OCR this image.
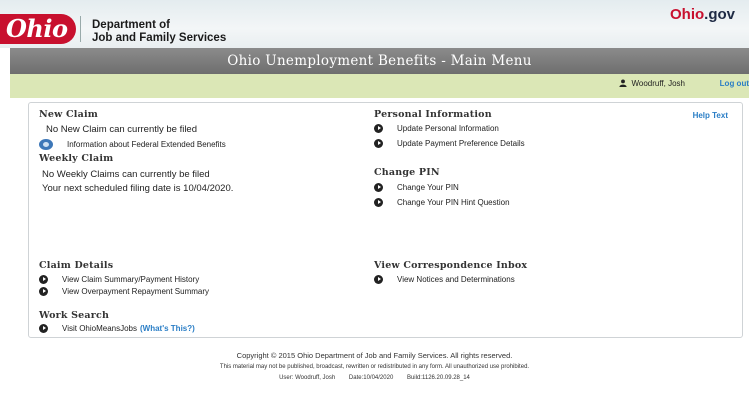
Ohio	Department of
Job and Family Services
Ohio.gov
Ohio Unemployment Benefits - Main Menu
Woodruff, Josh	Log out
Help Text
New Claim
No New Claim can currently be filed
Information about Federal Extended Benefits
Weekly Claim
No Weekly Claims can currently be filed
Your next scheduled filing date is 10/04/2020.
Claim Details
View Claim Summary/Payment History
View Overpayment Repayment Summary
Work Search
Visit OhioMeansJobs (What's This?)
Personal Information
Update Personal Information
Update Payment Preference Details
Change PIN
Change Your PIN
Change Your PIN Hint Question
View Correspondence Inbox
View Notices and Determinations
Copyright © 2015 Ohio Department of Job and Family Services. All rights reserved.
This material may not be published, broadcast, rewritten or redistributed in any form. All unauthorized use prohibited.
User: Woodruff, Josh Date:10/04/2020 Build:1126.20.09.28_14
